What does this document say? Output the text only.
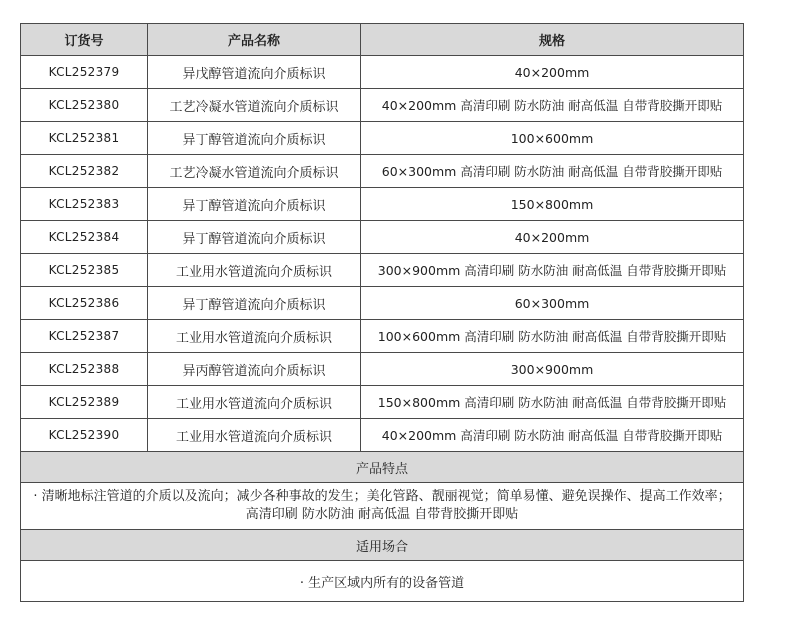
订货号	产品名称	规格
KCL252379	异戊醇管道流向介质标识	40×200mm
KCL252380	工艺冷凝水管道流向介质标识	40×200mm 高清印刷 防水防油 耐高低温 自带背胶撕开即贴
KCL252381	异丁醇管道流向介质标识	100×600mm
KCL252382	工艺冷凝水管道流向介质标识	60×300mm 高清印刷 防水防油 耐高低温 自带背胶撕开即贴
KCL252383	异丁醇管道流向介质标识	150×800mm
KCL252384	异丁醇管道流向介质标识	40×200mm
KCL252385	工业用水管道流向介质标识	300×900mm 高清印刷 防水防油 耐高低温 自带背胶撕开即贴
KCL252386	异丁醇管道流向介质标识	60×300mm
KCL252387	工业用水管道流向介质标识	100×600mm 高清印刷 防水防油 耐高低温 自带背胶撕开即贴
KCL252388	异丙醇管道流向介质标识	300×900mm
KCL252389	工业用水管道流向介质标识	150×800mm 高清印刷 防水防油 耐高低温 自带背胶撕开即贴
KCL252390	工业用水管道流向介质标识	40×200mm 高清印刷 防水防油 耐高低温 自带背胶撕开即贴
产品特点		
· 清晰地标注管道的介质以及流向；减少各种事故的发生；美化管路、靓丽视觉；简单易懂、避免误操作、提高工作效率；高清印刷 防水防油 耐高低温 自带背胶撕开即贴		
适用场合		
· 生产区域内所有的设备管道		
